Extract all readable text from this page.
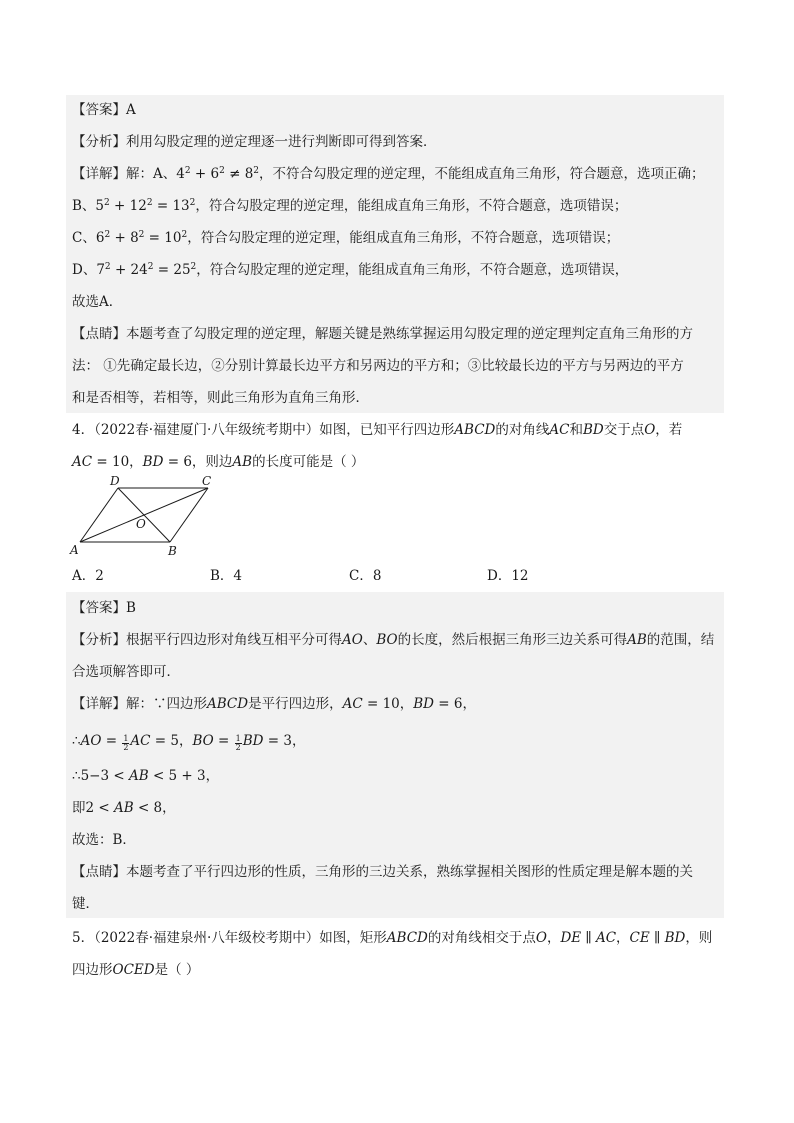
【答案】A
【分析】利用勾股定理的逆定理逐一进行判断即可得到答案．
【详解】解：A、$4^2 + 6^2 \ne 8^2$，不符合勾股定理的逆定理，不能组成直角三角形，符合题意，选项正确；
B、$5^2 + 12^2 = 13^2$，符合勾股定理的逆定理，能组成直角三角形，不符合题意，选项错误；
C、$6^2 + 8^2 = 10^2$，符合勾股定理的逆定理，能组成直角三角形，不符合题意，选项错误；
D、$7^2 + 24^2 = 25^2$，符合勾股定理的逆定理，能组成直角三角形，不符合题意，选项错误，
故选A．
【点睛】本题考查了勾股定理的逆定理，解题关键是熟练掌握运用勾股定理的逆定理判定直角三角形的方
法： ①先确定最长边，②分别计算最长边平方和另两边的平方和；③比较最长边的平方与另两边的平方
和是否相等，若相等，则此三角形为直角三角形．
4．（2022春·福建厦门·八年级统考期中）如图，已知平行四边形ABCD的对角线AC和BD交于点O，若
AC = 10，BD = 6，则边AB的长度可能是（ ）
A	B
C
D
O
A．2	B．4	C．8	D．12
【答案】B
【分析】根据平行四边形对角线互相平分可得AO、BO的长度，然后根据三角形三边关系可得AB的范围，结
合选项解答即可．
【详解】解：∵四边形ABCD是平行四边形，AC = 10，BD = 6，
∴AO = $\frac{1}{2}$ AC = 5，BO = $\frac{1}{2}$ BD = 3，
∴5−3 < AB < 5 + 3，
即2 < AB < 8，
故选：B．
【点睛】本题考查了平行四边形的性质，三角形的三边关系，熟练掌握相关图形的性质定理是解本题的关
键．
5．（2022春·福建泉州·八年级校考期中）如图，矩形ABCD的对角线相交于点O，DE ∥ AC，CE ∥ BD，则
四边形OCED是（ ）
